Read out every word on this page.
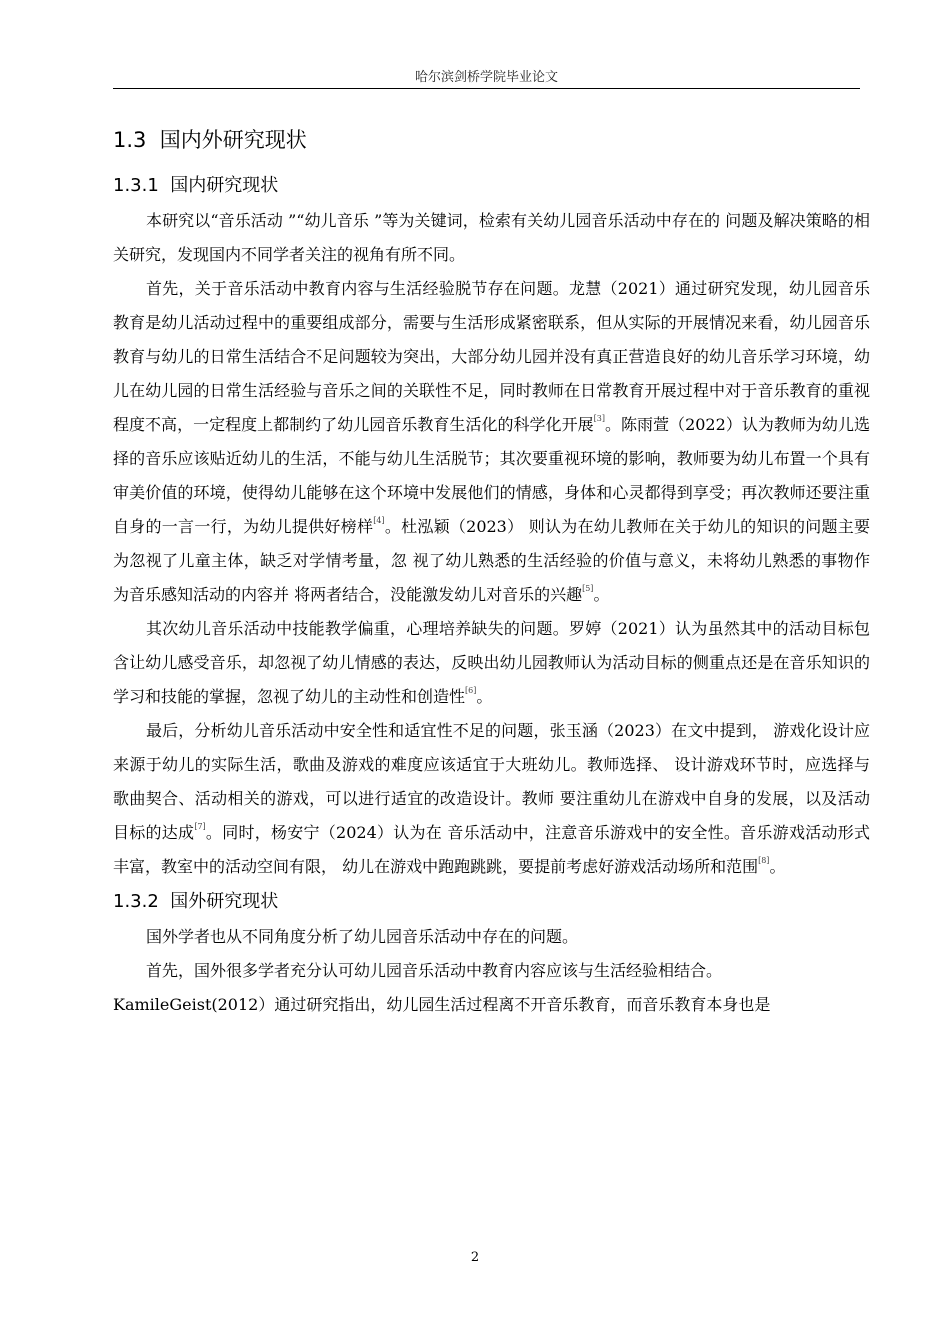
哈尔滨剑桥学院毕业论文
1.3 国内外研究现状
1.3.1 国内研究现状

本研究以“音乐活动 ”“幼儿音乐 ”等为关键词，检索有关幼儿园音乐活动中存在的 问题及解决策略的相关研究，发现国内不同学者关注的视角有所不同。

首先，关于音乐活动中教育内容与生活经验脱节存在问题。龙慧（2021）通过研究发现，幼儿园音乐教育是幼儿活动过程中的重要组成部分，需要与生活形成紧密联系，但从实际的开展情况来看，幼儿园音乐教育与幼儿的日常生活结合不足问题较为突出，大部分幼儿园并没有真正营造良好的幼儿音乐学习环境，幼儿在幼儿园的日常生活经验与音乐之间的关联性不足，同时教师在日常教育开展过程中对于音乐教育的重视程度不高，一定程度上都制约了幼儿园音乐教育生活化的科学化开展[3]。陈雨萱（2022）认为教师为幼儿选择的音乐应该贴近幼儿的生活，不能与幼儿生活脱节；其次要重视环境的影响，教师要为幼儿布置一个具有审美价值的环境，使得幼儿能够在这个环境中发展他们的情感，身体和心灵都得到享受；再次教师还要注重自身的一言一行，为幼儿提供好榜样[4]。杜泓颖（2023） 则认为在幼儿教师在关于幼儿的知识的问题主要为忽视了儿童主体，缺乏对学情考量，忽 视了幼儿熟悉的生活经验的价值与意义，未将幼儿熟悉的事物作为音乐感知活动的内容并 将两者结合，没能激发幼儿对音乐的兴趣[5]。

其次幼儿音乐活动中技能教学偏重，心理培养缺失的问题。罗婷（2021）认为虽然其中的活动目标包含让幼儿感受音乐，却忽视了幼儿情感的表达，反映出幼儿园教师认为活动目标的侧重点还是在音乐知识的学习和技能的掌握，忽视了幼儿的主动性和创造性[6]。

最后，分析幼儿音乐活动中安全性和适宜性不足的问题，张玉涵（2023）在文中提到， 游戏化设计应来源于幼儿的实际生活，歌曲及游戏的难度应该适宜于大班幼儿。教师选择、 设计游戏环节时，应选择与歌曲契合、活动相关的游戏，可以进行适宜的改造设计。教师 要注重幼儿在游戏中自身的发展，以及活动目标的达成[7]。同时，杨安宁（2024）认为在 音乐活动中，注意音乐游戏中的安全性。音乐游戏活动形式丰富，教室中的活动空间有限， 幼儿在游戏中跑跑跳跳，要提前考虑好游戏活动场所和范围[8]。

1.3.2 国外研究现状

国外学者也从不同角度分析了幼儿园音乐活动中存在的问题。

首先，国外很多学者充分认可幼儿园音乐活动中教育内容应该与生活经验相结合。

KamileGeist(2012）通过研究指出，幼儿园生活过程离不开音乐教育，而音乐教育本身也是

2
